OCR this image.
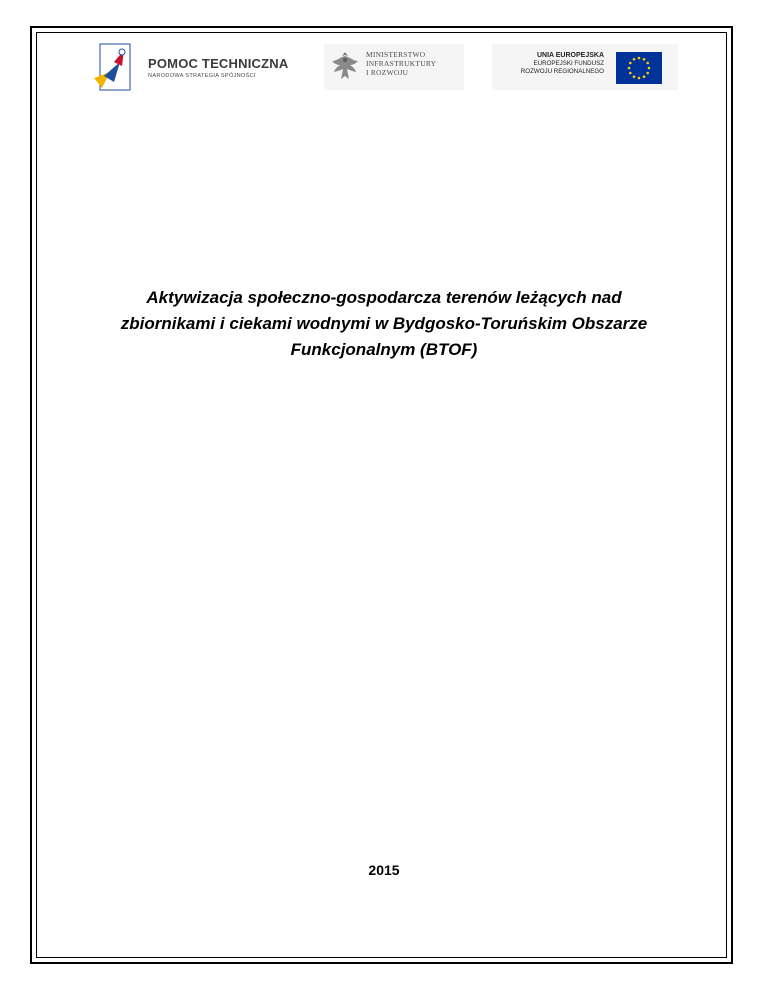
POMOC TECHNICZNA
NARODOWA STRATEGIA SPÓJNOŚCI
MINISTERSTWO
INFRASTRUKTURY
I ROZWOJU
UNIA EUROPEJSKA
EUROPEJSKI FUNDUSZ
ROZWOJU REGIONALNEGO
Aktywizacja społeczno-gospodarcza terenów leżących nad
zbiornikami i ciekami wodnymi w Bydgosko-Toruńskim Obszarze
Funkcjonalnym (BTOF)
2015
